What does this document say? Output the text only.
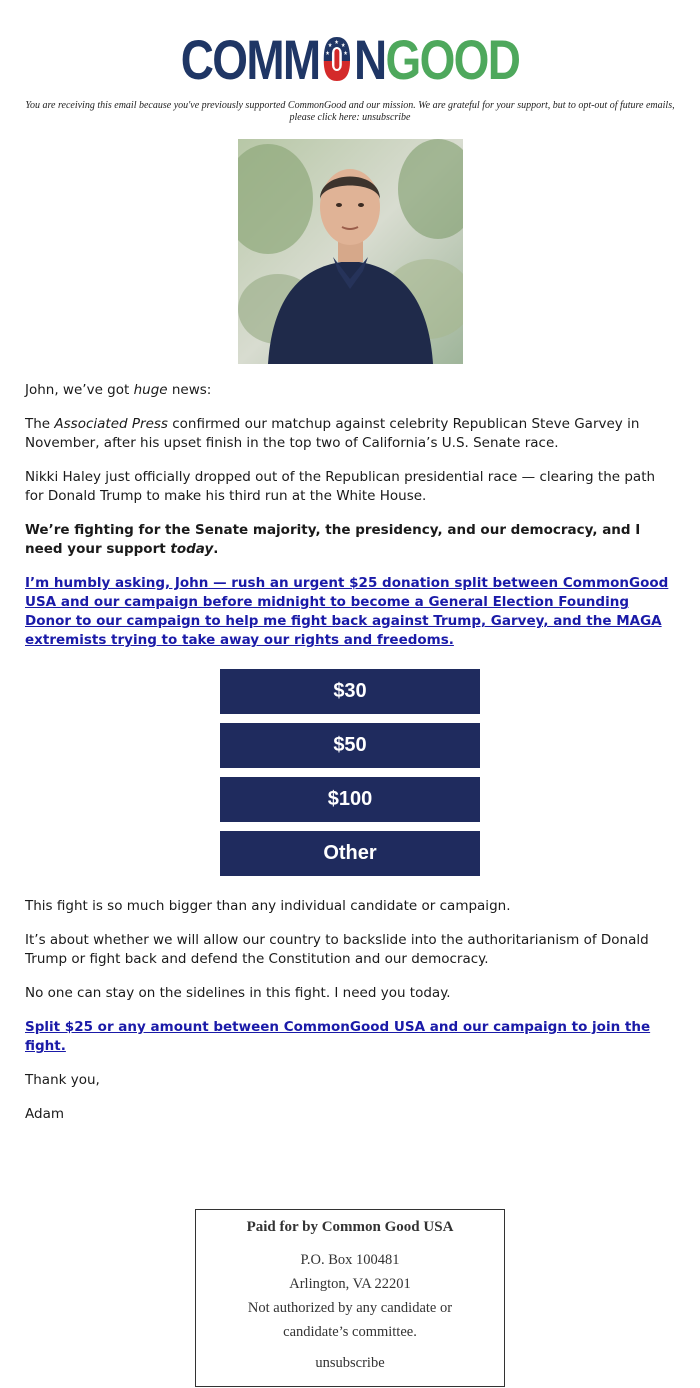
COMM ★ ★ ★
★	★ NGOOD
You are receiving this email because you've previously supported CommonGood and our mission. We are grateful for your support, but to opt-out of future emails, please click here: unsubscribe

John, we’ve got huge news:

The Associated Press confirmed our matchup against celebrity Republican Steve Garvey in November, after his upset finish in the top two of California’s U.S. Senate race.

Nikki Haley just officially dropped out of the Republican presidential race — clearing the path for Donald Trump to make his third run at the White House.

We’re fighting for the Senate majority, the presidency, and our democracy, and I need your support today.

I’m humbly asking, John — rush an urgent $25 donation split between CommonGood USA and our campaign before midnight to become a General Election Founding Donor to our campaign to help me fight back against Trump, Garvey, and the MAGA extremists trying to take away our rights and freedoms.

$30
$50
$100
Other

This fight is so much bigger than any individual candidate or campaign.

It’s about whether we will allow our country to backslide into the authoritarianism of Donald Trump or fight back and defend the Constitution and our democracy.

No one can stay on the sidelines in this fight. I need you today.

Split $25 or any amount between CommonGood USA and our campaign to join the fight.

Thank you,

Adam

Paid for by Common Good USA
P.O. Box 100481
Arlington, VA 22201
Not authorized by any candidate or
candidate’s committee.
unsubscribe
